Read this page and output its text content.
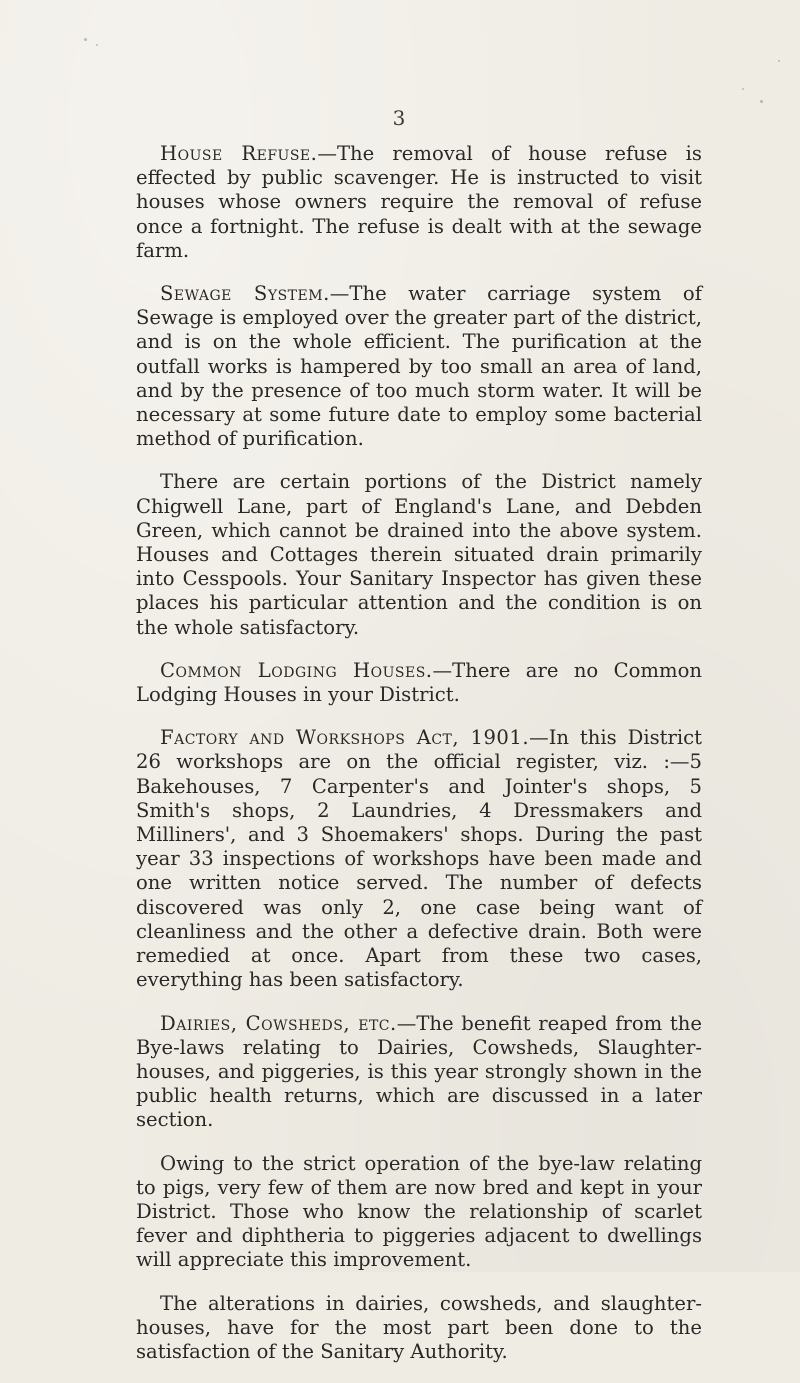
3

House Refuse.—The removal of house refuse is effected by public scavenger. He is instructed to visit houses whose owners require the removal of refuse once a fortnight. The refuse is dealt with at the sewage farm.

Sewage System.—The water carriage system of Sewage is employed over the greater part of the district, and is on the whole efficient. The purification at the outfall works is hampered by too small an area of land, and by the presence of too much storm water. It will be necessary at some future date to employ some bacterial method of purification.

There are certain portions of the District namely Chigwell Lane, part of England's Lane, and Debden Green, which cannot be drained into the above system. Houses and Cottages therein situated drain primarily into Cesspools. Your Sanitary Inspector has given these places his particular attention and the condition is on the whole satisfactory.

Common Lodging Houses.—There are no Common Lodging Houses in your District.

Factory and Workshops Act, 1901.—In this District 26 workshops are on the official register, viz. :—5 Bakehouses, 7 Carpenter's and Jointer's shops, 5 Smith's shops, 2 Laundries, 4 Dressmakers and Milliners', and 3 Shoemakers' shops. During the past year 33 inspections of workshops have been made and one written notice served. The number of defects discovered was only 2, one case being want of cleanliness and the other a defective drain. Both were remedied at once. Apart from these two cases, everything has been satisfactory.

Dairies, Cowsheds, etc.—The benefit reaped from the Bye-laws relating to Dairies, Cowsheds, Slaughter-houses, and piggeries, is this year strongly shown in the public health returns, which are discussed in a later section.

Owing to the strict operation of the bye-law relating to pigs, very few of them are now bred and kept in your District. Those who know the relationship of scarlet fever and diphtheria to piggeries adjacent to dwellings will appreciate this improvement.

The alterations in dairies, cowsheds, and slaughter-houses, have for the most part been done to the satisfaction of the Sanitary Authority.
